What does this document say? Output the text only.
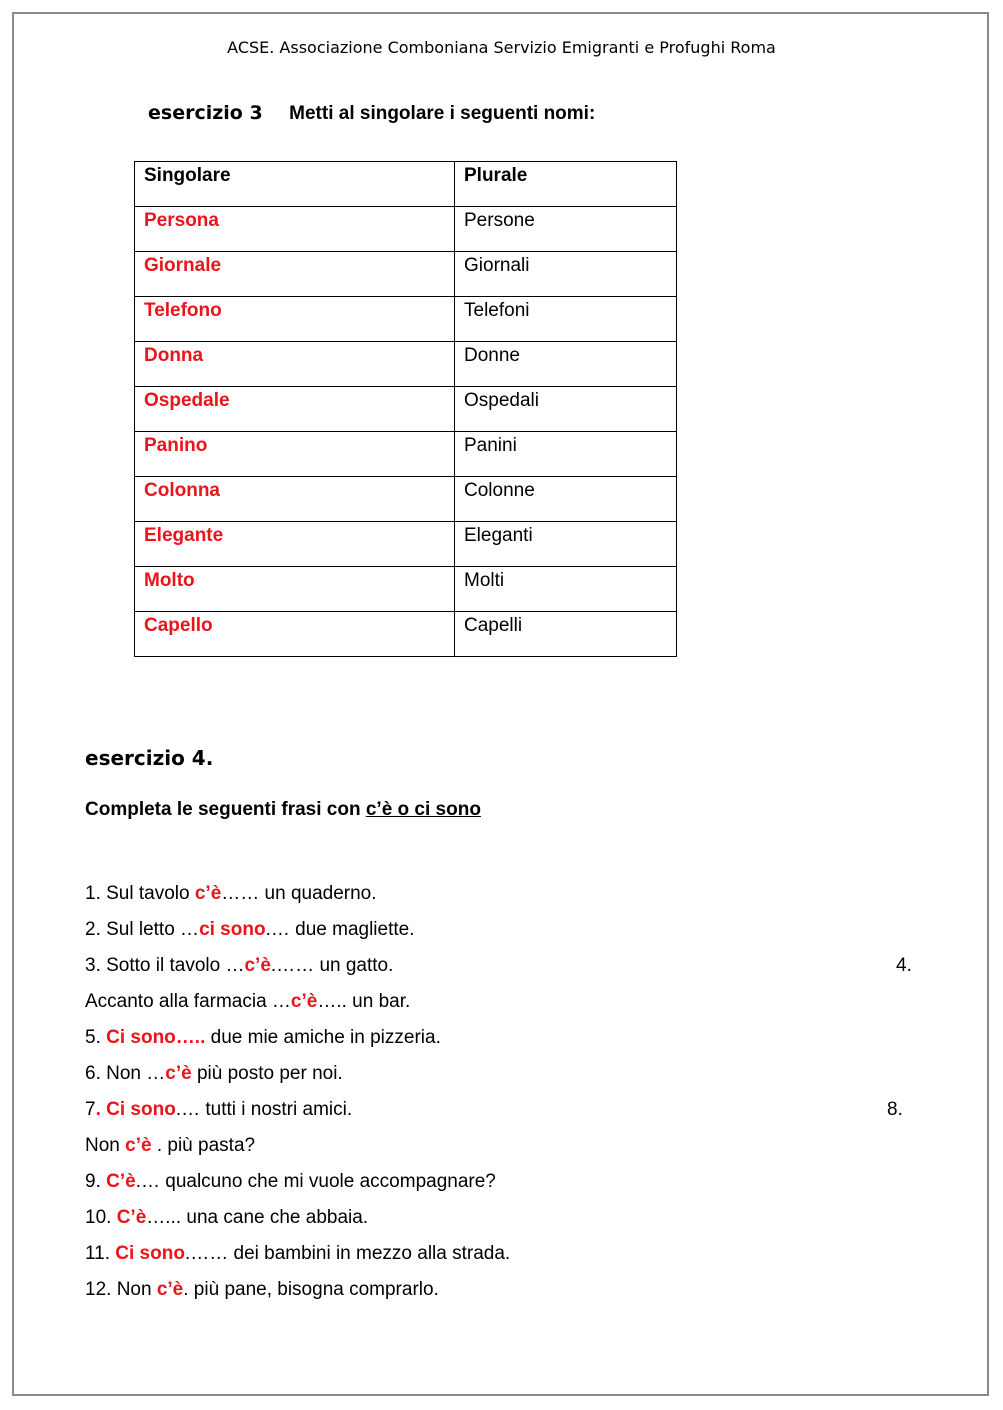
ACSE. Associazione Comboniana Servizio Emigranti e Profughi Roma
esercizio 3 Metti al singolare i seguenti nomi:
Singolare	Plurale
Persona	Persone
Giornale	Giornali
Telefono	Telefoni
Donna	Donne
Ospedale	Ospedali
Panino	Panini
Colonna	Colonne
Elegante	Eleganti
Molto	Molti
Capello	Capelli
esercizio 4.
Completa le seguenti frasi con c’è o ci sono
1. Sul tavolo c’è…… un quaderno.
2. Sul letto …ci sono.… due magliette.
3. Sotto il tavolo …c’è.…… un gatto.	4.
Accanto alla farmacia …c’è….. un bar.
5. Ci sono….. due mie amiche in pizzeria.
6. Non …c’è più posto per noi.
7. Ci sono.… tutti i nostri amici.	8.
Non c’è . più pasta?
9. C’è.… qualcuno che mi vuole accompagnare?
10. C’è…... una cane che abbaia.
11. Ci sono.…… dei bambini in mezzo alla strada.
12. Non c’è. più pane, bisogna comprarlo.
